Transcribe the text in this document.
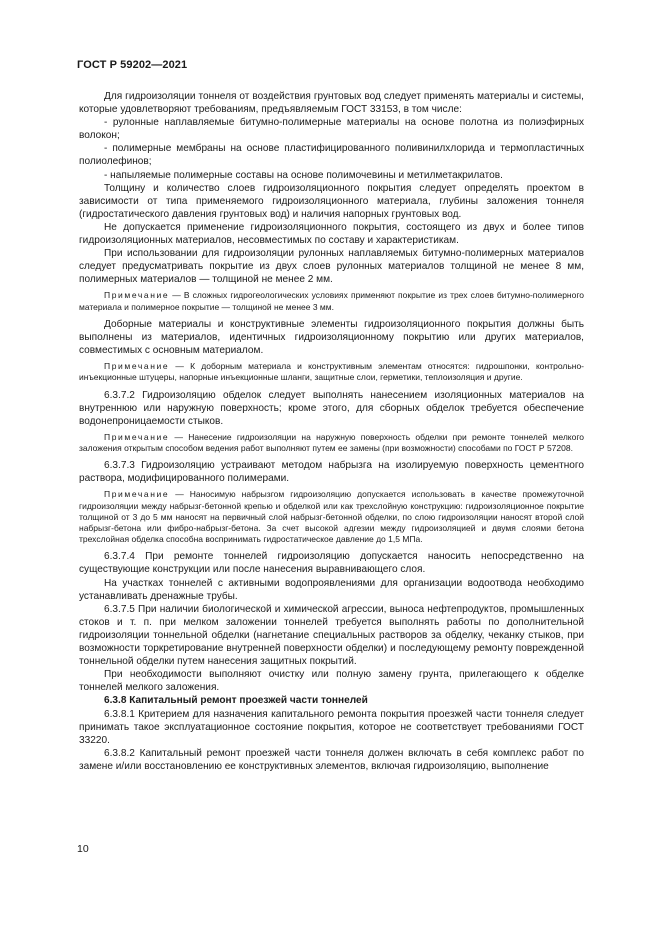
ГОСТ Р 59202—2021

Для гидроизоляции тоннеля от воздействия грунтовых вод следует применять материалы и системы, которые удовлетворяют требованиям, предъявляемым ГОСТ 33153, в том числе:

- рулонные наплавляемые битумно-полимерные материалы на основе полотна из полиэфирных волокон;

- полимерные мембраны на основе пластифицированного поливинилхлорида и термопластичных полиолефинов;

- напыляемые полимерные составы на основе полимочевины и метилметакрилатов.

Толщину и количество слоев гидроизоляционного покрытия следует определять проектом в зависимости от типа применяемого гидроизоляционного материала, глубины заложения тоннеля (гидростатического давления грунтовых вод) и наличия напорных грунтовых вод.

Не допускается применение гидроизоляционного покрытия, состоящего из двух и более типов гидроизоляционных материалов, несовместимых по составу и характеристикам.

При использовании для гидроизоляции рулонных наплавляемых битумно-полимерных материалов следует предусматривать покрытие из двух слоев рулонных материалов толщиной не менее 8 мм, полимерных материалов — толщиной не менее 2 мм.

Примечание — В сложных гидрогеологических условиях применяют покрытие из трех слоев битумно-полимерного материала и полимерное покрытие — толщиной не менее 3 мм.

Доборные материалы и конструктивные элементы гидроизоляционного покрытия должны быть выполнены из материалов, идентичных гидроизоляционному покрытию или других материалов, совместимых с основным материалом.

Примечание — К доборным материала и конструктивным элементам относятся: гидрошпонки, контрольно-инъекционные штуцеры, напорные инъекционные шланги, защитные слои, герметики, теплоизоляция и другие.

6.3.7.2 Гидроизоляцию обделок следует выполнять нанесением изоляционных материалов на внутреннюю или наружную поверхность; кроме этого, для сборных обделок требуется обеспечение водонепроницаемости стыков.

Примечание — Нанесение гидроизоляции на наружную поверхность обделки при ремонте тоннелей мелкого заложения открытым способом ведения работ выполняют путем ее замены (при возможности) способами по ГОСТ Р 57208.

6.3.7.3 Гидроизоляцию устраивают методом набрызга на изолируемую поверхность цементного раствора, модифицированного полимерами.

Примечание — Наносимую набрызгом гидроизоляцию допускается использовать в качестве промежуточной гидроизоляции между набрызг-бетонной крепью и обделкой или как трехслойную конструкцию: гидроизоляционное покрытие толщиной от 3 до 5 мм наносят на первичный слой набрызг-бетонной обделки, по слою гидроизоляции наносят второй слой набрызг-бетона или фибро-набрызг-бетона. За счет высокой адгезии между гидроизоляцией и двумя слоями бетона трехслойная обделка способна воспринимать гидростатическое давление до 1,5 МПа.

6.3.7.4 При ремонте тоннелей гидроизоляцию допускается наносить непосредственно на существующие конструкции или после нанесения выравнивающего слоя.

На участках тоннелей с активными водопроявлениями для организации водоотвода необходимо устанавливать дренажные трубы.

6.3.7.5 При наличии биологической и химической агрессии, выноса нефтепродуктов, промышленных стоков и т. п. при мелком заложении тоннелей требуется выполнять работы по дополнительной гидроизоляции тоннельной обделки (нагнетание специальных растворов за обделку, чеканку стыков, при возможности торкретирование внутренней поверхности обделки) и последующему ремонту поврежденной тоннельной обделки путем нанесения защитных покрытий.

При необходимости выполняют очистку или полную замену грунта, прилегающего к обделке тоннелей мелкого заложения.

6.3.8 Капитальный ремонт проезжей части тоннелей

6.3.8.1 Критерием для назначения капитального ремонта покрытия проезжей части тоннеля следует принимать такое эксплуатационное состояние покрытия, которое не соответствует требованиями ГОСТ 33220.

6.3.8.2 Капитальный ремонт проезжей части тоннеля должен включать в себя комплекс работ по замене и/или восстановлению ее конструктивных элементов, включая гидроизоляцию, выполнение

10
